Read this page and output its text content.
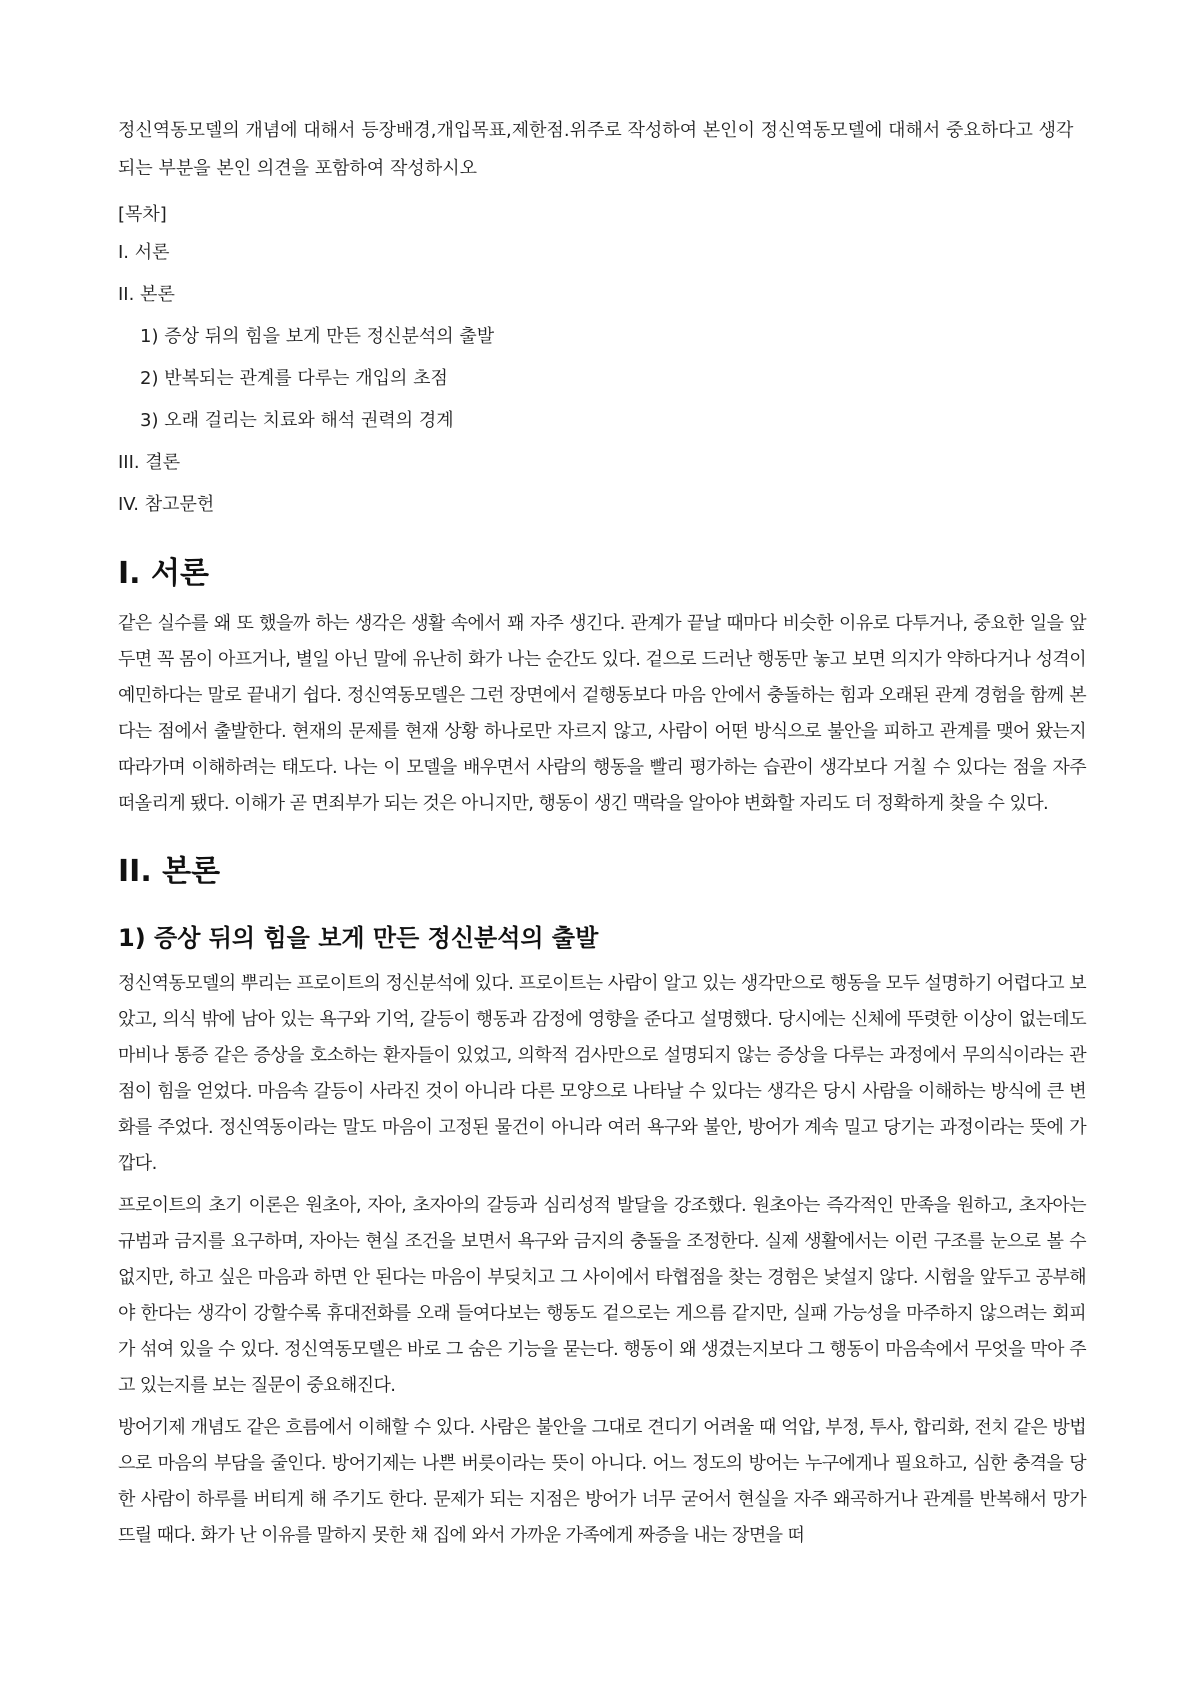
정신역동모델의 개념에 대해서 등장배경,개입목표,제한점.위주로 작성하여 본인이 정신역동모델에 대해서 중요하다고 생각되는 부분을 본인 의견을 포함하여 작성하시오

[목차]

I. 서론
II. 본론
1) 증상 뒤의 힘을 보게 만든 정신분석의 출발
2) 반복되는 관계를 다루는 개입의 초점
3) 오래 걸리는 치료와 해석 권력의 경계
III. 결론
IV. 참고문헌
I. 서론

같은 실수를 왜 또 했을까 하는 생각은 생활 속에서 꽤 자주 생긴다. 관계가 끝날 때마다 비슷한 이유로 다투거나, 중요한 일을 앞두면 꼭 몸이 아프거나, 별일 아닌 말에 유난히 화가 나는 순간도 있다. 겉으로 드러난 행동만 놓고 보면 의지가 약하다거나 성격이 예민하다는 말로 끝내기 쉽다. 정신역동모델은 그런 장면에서 겉행동보다 마음 안에서 충돌하는 힘과 오래된 관계 경험을 함께 본다는 점에서 출발한다. 현재의 문제를 현재 상황 하나로만 자르지 않고, 사람이 어떤 방식으로 불안을 피하고 관계를 맺어 왔는지 따라가며 이해하려는 태도다. 나는 이 모델을 배우면서 사람의 행동을 빨리 평가하는 습관이 생각보다 거칠 수 있다는 점을 자주 떠올리게 됐다. 이해가 곧 면죄부가 되는 것은 아니지만, 행동이 생긴 맥락을 알아야 변화할 자리도 더 정확하게 찾을 수 있다.

II. 본론
1) 증상 뒤의 힘을 보게 만든 정신분석의 출발

정신역동모델의 뿌리는 프로이트의 정신분석에 있다. 프로이트는 사람이 알고 있는 생각만으로 행동을 모두 설명하기 어렵다고 보았고, 의식 밖에 남아 있는 욕구와 기억, 갈등이 행동과 감정에 영향을 준다고 설명했다. 당시에는 신체에 뚜렷한 이상이 없는데도 마비나 통증 같은 증상을 호소하는 환자들이 있었고, 의학적 검사만으로 설명되지 않는 증상을 다루는 과정에서 무의식이라는 관점이 힘을 얻었다. 마음속 갈등이 사라진 것이 아니라 다른 모양으로 나타날 수 있다는 생각은 당시 사람을 이해하는 방식에 큰 변화를 주었다. 정신역동이라는 말도 마음이 고정된 물건이 아니라 여러 욕구와 불안, 방어가 계속 밀고 당기는 과정이라는 뜻에 가깝다.

프로이트의 초기 이론은 원초아, 자아, 초자아의 갈등과 심리성적 발달을 강조했다. 원초아는 즉각적인 만족을 원하고, 초자아는 규범과 금지를 요구하며, 자아는 현실 조건을 보면서 욕구와 금지의 충돌을 조정한다. 실제 생활에서는 이런 구조를 눈으로 볼 수 없지만, 하고 싶은 마음과 하면 안 된다는 마음이 부딪치고 그 사이에서 타협점을 찾는 경험은 낯설지 않다. 시험을 앞두고 공부해야 한다는 생각이 강할수록 휴대전화를 오래 들여다보는 행동도 겉으로는 게으름 같지만, 실패 가능성을 마주하지 않으려는 회피가 섞여 있을 수 있다. 정신역동모델은 바로 그 숨은 기능을 묻는다. 행동이 왜 생겼는지보다 그 행동이 마음속에서 무엇을 막아 주고 있는지를 보는 질문이 중요해진다.

방어기제 개념도 같은 흐름에서 이해할 수 있다. 사람은 불안을 그대로 견디기 어려울 때 억압, 부정, 투사, 합리화, 전치 같은 방법으로 마음의 부담을 줄인다. 방어기제는 나쁜 버릇이라는 뜻이 아니다. 어느 정도의 방어는 누구에게나 필요하고, 심한 충격을 당한 사람이 하루를 버티게 해 주기도 한다. 문제가 되는 지점은 방어가 너무 굳어서 현실을 자주 왜곡하거나 관계를 반복해서 망가뜨릴 때다. 화가 난 이유를 말하지 못한 채 집에 와서 가까운 가족에게 짜증을 내는 장면을 떠
